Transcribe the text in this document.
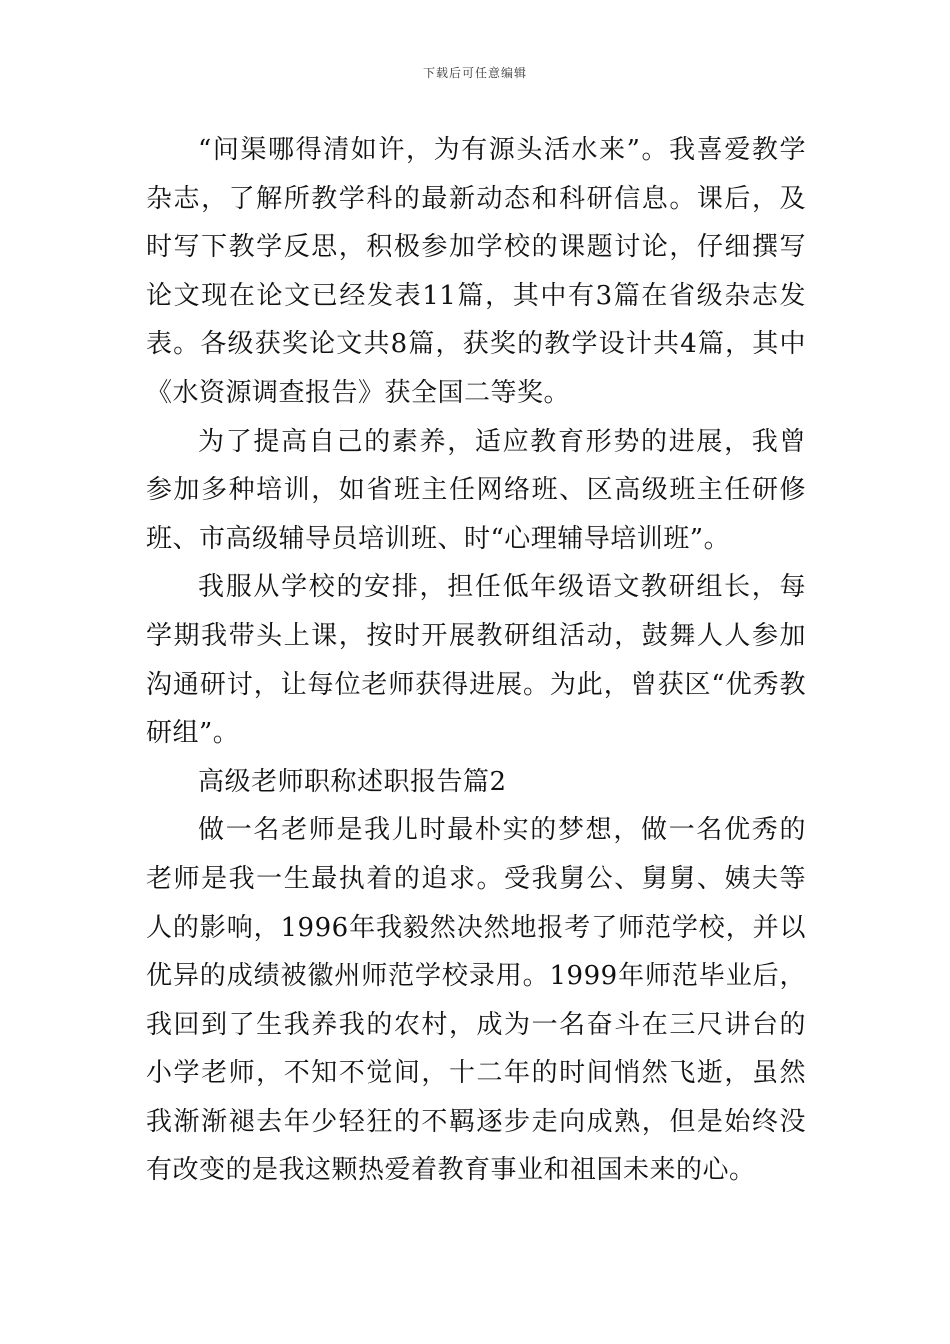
下载后可任意编辑

“问渠哪得清如许，为有源头活水来”。我喜爱教学杂志，了解所教学科的最新动态和科研信息。课后，及时写下教学反思，积极参加学校的课题讨论，仔细撰写论文现在论文已经发表11篇，其中有3篇在省级杂志发表。各级获奖论文共8篇，获奖的教学设计共4篇，其中《水资源调查报告》获全国二等奖。

为了提高自己的素养，适应教育形势的进展，我曾参加多种培训，如省班主任网络班、区高级班主任研修班、市高级辅导员培训班、时“心理辅导培训班”。

我服从学校的安排，担任低年级语文教研组长，每学期我带头上课，按时开展教研组活动，鼓舞人人参加沟通研讨，让每位老师获得进展。为此，曾获区“优秀教研组”。

高级老师职称述职报告篇2

做一名老师是我儿时最朴实的梦想，做一名优秀的老师是我一生最执着的追求。受我舅公、舅舅、姨夫等人的影响，1996年我毅然决然地报考了师范学校，并以优异的成绩被徽州师范学校录用。1999年师范毕业后，我回到了生我养我的农村，成为一名奋斗在三尺讲台的小学老师，不知不觉间，十二年的时间悄然飞逝，虽然我渐渐褪去年少轻狂的不羁逐步走向成熟，但是始终没有改变的是我这颗热爱着教育事业和祖国未来的心。
